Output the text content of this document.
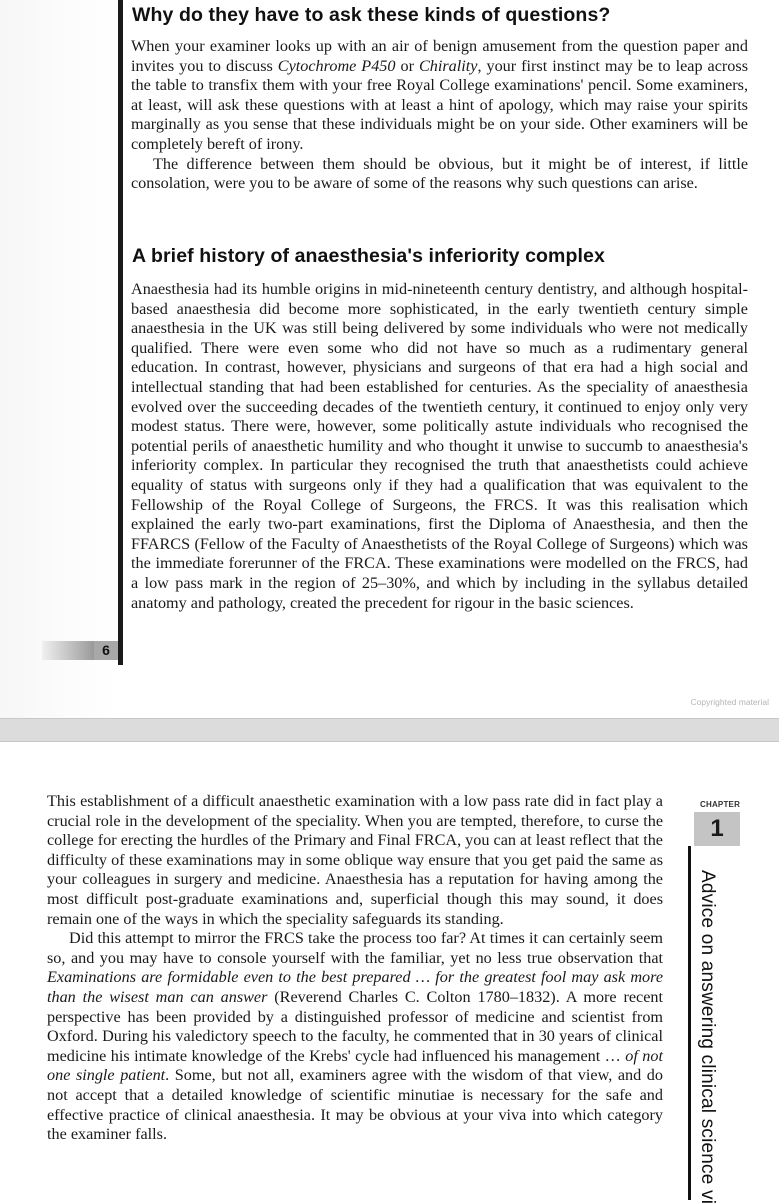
6
Why do they have to ask these kinds of questions?

When your examiner looks up with an air of benign amusement from the question paper and invites you to discuss Cytochrome P450 or Chirality, your first instinct may be to leap across the table to transfix them with your free Royal College examinations' pencil. Some examiners, at least, will ask these questions with at least a hint of apology, which may raise your spirits marginally as you sense that these individuals might be on your side. Other examiners will be completely bereft of irony.

The difference between them should be obvious, but it might be of interest, if little consolation, were you to be aware of some of the reasons why such questions can arise.

A brief history of anaesthesia's inferiority complex

Anaesthesia had its humble origins in mid-nineteenth century dentistry, and although hospital-based anaesthesia did become more sophisticated, in the early twentieth century simple anaesthesia in the UK was still being delivered by some individuals who were not medically qualified. There were even some who did not have so much as a rudimentary general education. In contrast, however, physicians and surgeons of that era had a high social and intellectual standing that had been established for centuries. As the speciality of anaesthesia evolved over the succeeding decades of the twentieth century, it continued to enjoy only very modest status. There were, however, some politically astute individuals who recognised the potential perils of anaesthetic humility and who thought it unwise to succumb to anaesthesia's inferiority complex. In particular they recognised the truth that anaesthetists could achieve equality of status with surgeons only if they had a qualification that was equivalent to the Fellowship of the Royal College of Surgeons, the FRCS. It was this realisation which explained the early two-part examinations, first the Diploma of Anaesthesia, and then the FFARCS (Fellow of the Faculty of Anaesthetists of the Royal College of Surgeons) which was the immediate forerunner of the FRCA. These examinations were modelled on the FRCS, had a low pass mark in the region of 25–30%, and which by including in the syllabus detailed anatomy and pathology, created the precedent for rigour in the basic sciences.

Copyrighted material
CHAPTER
1
Advice on answering clinical science vi

This establishment of a difficult anaesthetic examination with a low pass rate did in fact play a crucial role in the development of the speciality. When you are tempted, therefore, to curse the college for erecting the hurdles of the Primary and Final FRCA, you can at least reflect that the difficulty of these examinations may in some oblique way ensure that you get paid the same as your colleagues in surgery and medicine. Anaesthesia has a reputation for having among the most difficult post-graduate examinations and, superficial though this may sound, it does remain one of the ways in which the speciality safeguards its standing.

Did this attempt to mirror the FRCS take the process too far? At times it can certainly seem so, and you may have to console yourself with the familiar, yet no less true observation that Examinations are formidable even to the best prepared … for the greatest fool may ask more than the wisest man can answer (Reverend Charles C. Colton 1780–1832). A more recent perspective has been provided by a distinguished professor of medicine and scientist from Oxford. During his valedictory speech to the faculty, he commented that in 30 years of clinical medicine his intimate knowledge of the Krebs' cycle had influenced his management … of not one single patient. Some, but not all, examiners agree with the wisdom of that view, and do not accept that a detailed knowledge of scientific minutiae is necessary for the safe and effective practice of clinical anaesthesia. It may be obvious at your viva into which category the examiner falls.
